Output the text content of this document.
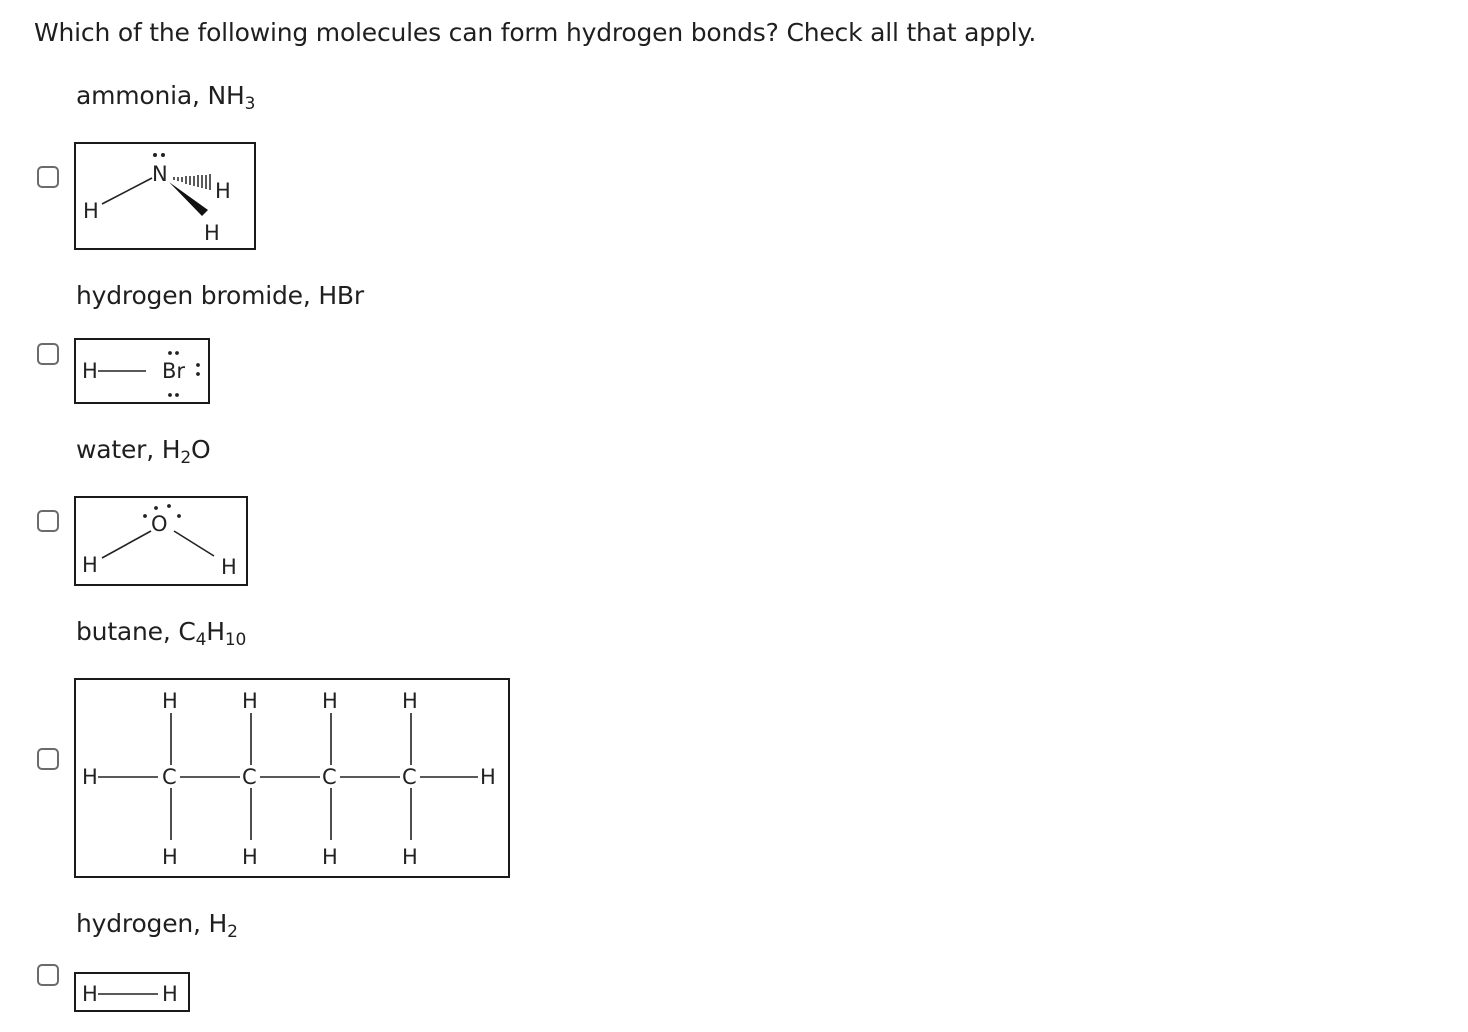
Which of the following molecules can form hydrogen bonds? Check all that apply.
ammonia, $NH_3$
N
H
H
H
hydrogen bromide, HBr
H	Br
water, $H_2O$
O
H	H
butane, $C_4H_{10}$
H
H
C
H
H
C
H
H
C
H
H
C
H
H
hydrogen, $H_2$
H	H
